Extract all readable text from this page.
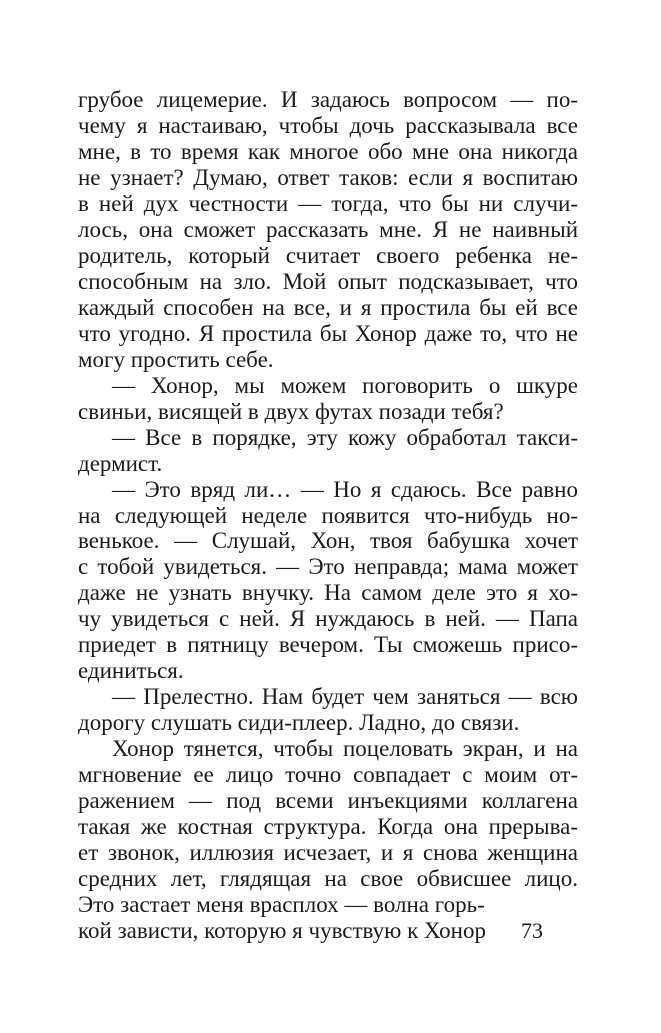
грубое лицемерие. И задаюсь вопросом — по-
чему я настаиваю, чтобы дочь рассказывала все
мне, в то время как многое обо мне она никогда
не узнает? Думаю, ответ таков: если я воспитаю
в ней дух честности — тогда, что бы ни случи-
лось, она сможет рассказать мне. Я не наивный
родитель, который считает своего ребенка не-
способным на зло. Мой опыт подсказывает, что
каждый способен на все, и я простила бы ей все
что угодно. Я простила бы Хонор даже то, что не
могу простить себе.
— Хонор, мы можем поговорить о шкуре
свиньи, висящей в двух футах позади тебя?
— Все в порядке, эту кожу обработал такси-
дермист.
— Это вряд ли… — Но я сдаюсь. Все равно
на следующей неделе появится что-нибудь но-
венькое. — Слушай, Хон, твоя бабушка хочет
с тобой увидеться. — Это неправда; мама может
даже не узнать внучку. На самом деле это я хо-
чу увидеться с ней. Я нуждаюсь в ней. — Папа
приедет в пятницу вечером. Ты сможешь присо-
единиться.
— Прелестно. Нам будет чем заняться — всю
дорогу слушать сиди-плеер. Ладно, до связи.
Хонор тянется, чтобы поцеловать экран, и на
мгновение ее лицо точно совпадает с моим от-
ражением — под всеми инъекциями коллагена
такая же костная структура. Когда она прерыва-
ет звонок, иллюзия исчезает, и я снова женщина
средних лет, глядящая на свое обвисшее лицо.
Это застает меня врасплох — волна горь-
кой зависти, которую я чувствую к Хонор	73
